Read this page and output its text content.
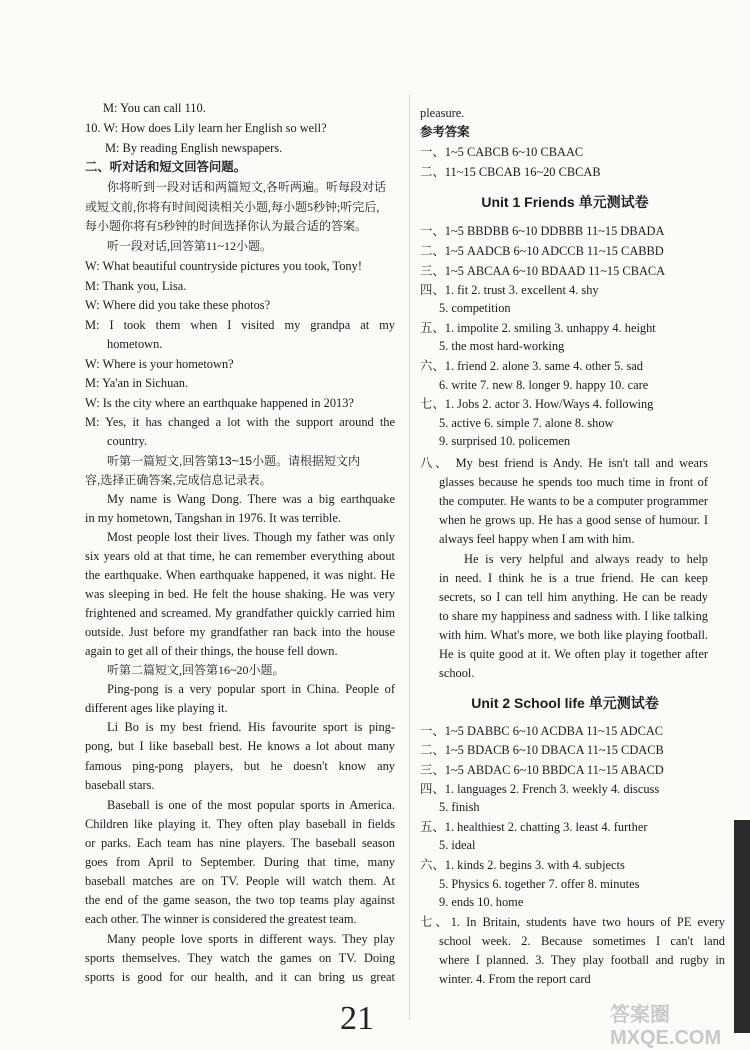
M: You can call 110.
10. W: How does Lily learn her English so well?
M: By reading English newspapers.
二、听对话和短文回答问题。
你将听到一段对话和两篇短文,各听两遍。听每段对话
或短文前,你将有时间阅读相关小题,每小题5秒钟;听完后,
每小题你将有5秒钟的时间选择你认为最合适的答案。
听一段对话,回答第11~12小题。
W: What beautiful countryside pictures you took, Tony!
M: Thank you, Lisa.
W: Where did you take these photos?
M: I took them when I visited my grandpa at my
hometown.
W: Where is your hometown?
M: Ya'an in Sichuan.
W: Is the city where an earthquake happened in 2013?
M: Yes, it has changed a lot with the support around the
country.
听第一篇短文,回答第13~15小题。请根据短文内
容,选择正确答案,完成信息记录表。
My name is Wang Dong. There was a big earthquake
in my hometown, Tangshan in 1976. It was terrible.
Most people lost their lives. Though my father was only
six years old at that time, he can remember everything about
the earthquake. When earthquake happened, it was night. He
was sleeping in bed. He felt the house shaking. He was very
frightened and screamed. My grandfather quickly carried him
outside. Just before my grandfather ran back into the house
again to get all of their things, the house fell down.
听第二篇短文,回答第16~20小题。
Ping-pong is a very popular sport in China. People of
different ages like playing it.
Li Bo is my best friend. His favourite sport is ping-
pong, but I like baseball best. He knows a lot about many
famous ping-pong players, but he doesn't know any
baseball stars.
Baseball is one of the most popular sports in America.
Children like playing it. They often play baseball in fields
or parks. Each team has nine players. The baseball season
goes from April to September. During that time, many
baseball matches are on TV. People will watch them. At
the end of the game season, the two top teams play against
each other. The winner is considered the greatest team.
Many people love sports in different ways. They play
sports themselves. They watch the games on TV. Doing
sports is good for our health, and it can bring us great
pleasure.
参考答案
一、1~5 CABCB 6~10 CBAAC
二、11~15 CBCAB 16~20 CBCAB
Unit 1 Friends 单元测试卷
一、1~5 BBDBB 6~10 DDBBB 11~15 DBADA
二、1~5 AADCB 6~10 ADCCB 11~15 CABBD
三、1~5 ABCAA 6~10 BDAAD 11~15 CBACA
四、1. fit 2. trust 3. excellent 4. shy
5. competition
五、1. impolite 2. smiling 3. unhappy 4. height
5. the most hard-working
六、1. friend 2. alone 3. same 4. other 5. sad
6. write 7. new 8. longer 9. happy 10. care
七、1. Jobs 2. actor 3. How/Ways 4. following
5. active 6. simple 7. alone 8. show
9. surprised 10. policemen
八、 My best friend is Andy. He isn't tall and wears
glasses because he spends too much time in front of
the computer. He wants to be a computer programmer
when he grows up. He has a good sense of humour. I
always feel happy when I am with him.
He is very helpful and always ready to help
in need. I think he is a true friend. He can keep
secrets, so I can tell him anything. He can be ready
to share my happiness and sadness with. I like talking
with him. What's more, we both like playing football.
He is quite good at it. We often play it together after
school.
Unit 2 School life 单元测试卷
一、1~5 DABBC 6~10 ACDBA 11~15 ADCAC
二、1~5 BDACB 6~10 DBACA 11~15 CDACB
三、1~5 ABDAC 6~10 BBDCA 11~15 ABACD
四、1. languages 2. French 3. weekly 4. discuss
5. finish
五、1. healthiest 2. chatting 3. least 4. further
5. ideal
六、1. kinds 2. begins 3. with 4. subjects
5. Physics 6. together 7. offer 8. minutes
9. ends 10. home
七、1. In Britain, students have two hours of PE every
school week. 2. Because sometimes I can't land
where I planned. 3. They play football and rugby in
winter. 4. From the report card
21	答案圈 MXQE.COM
